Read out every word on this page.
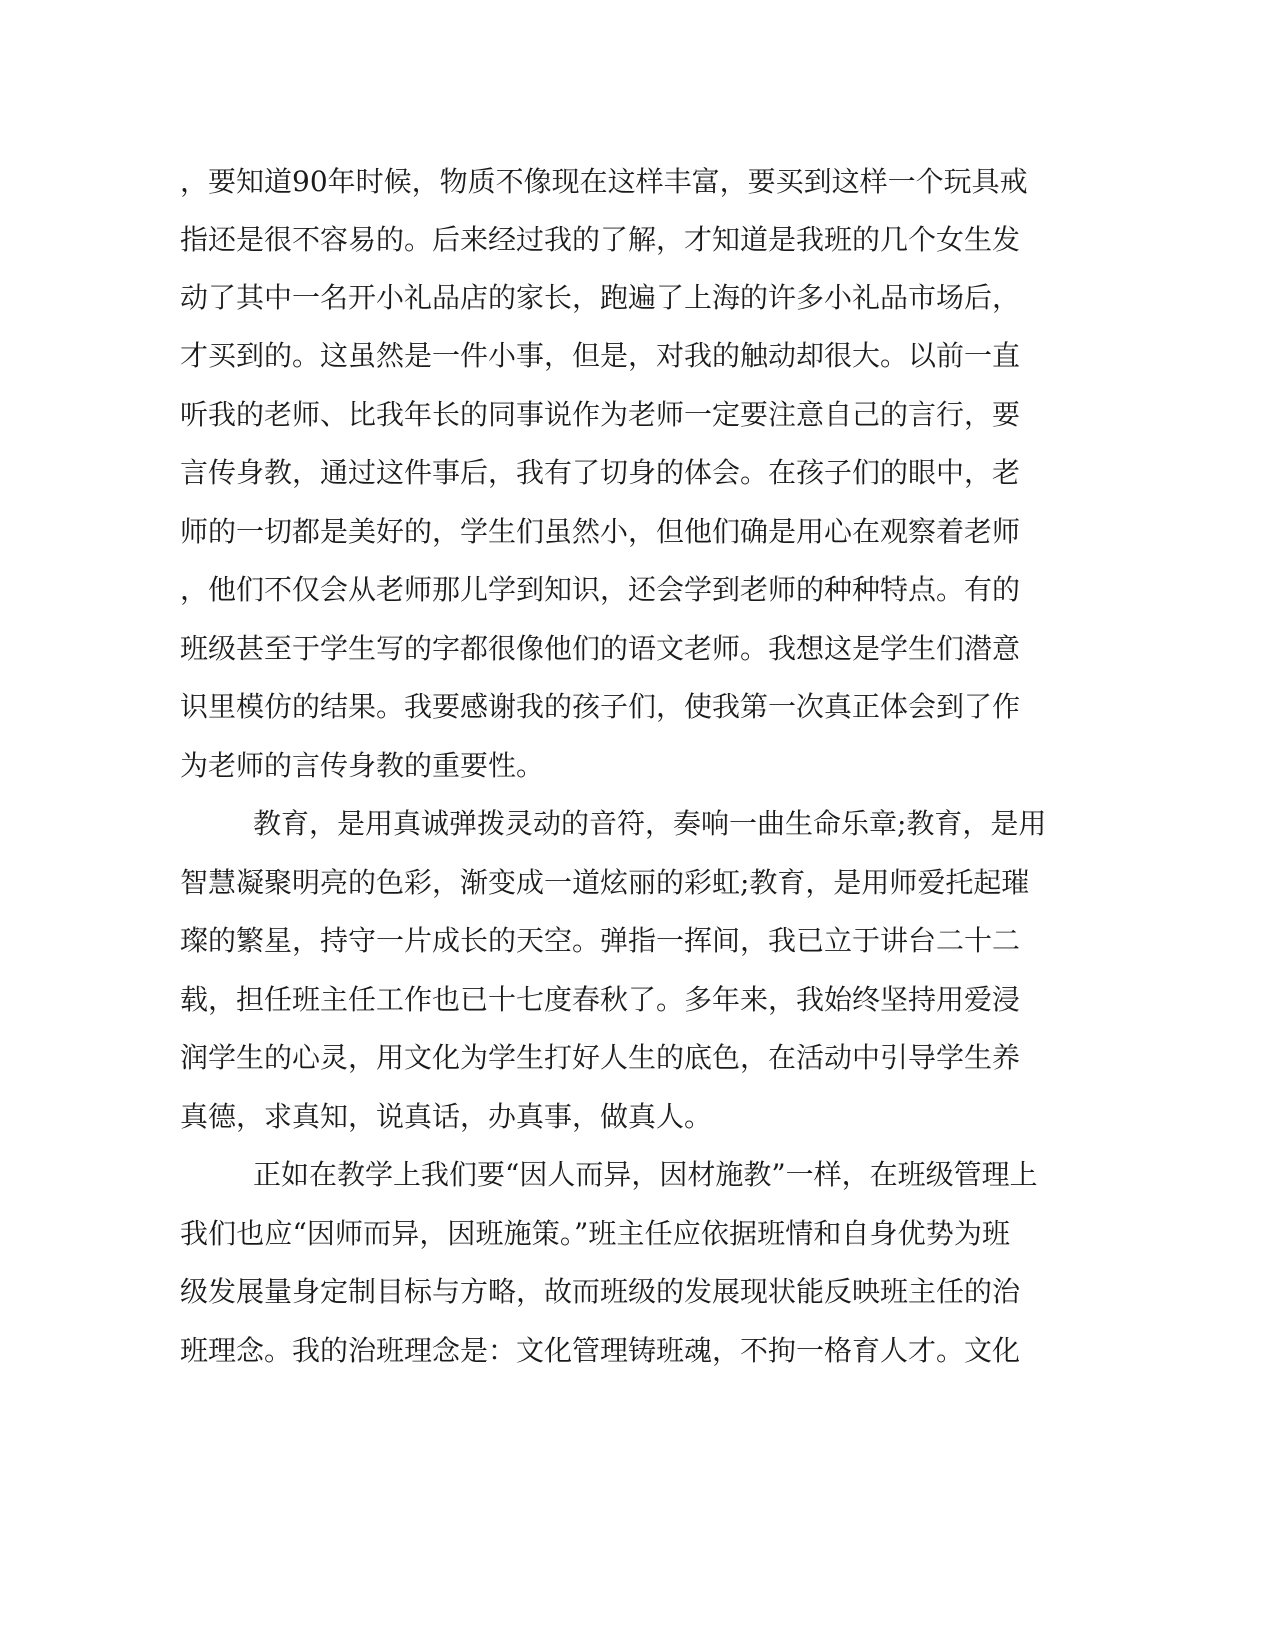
，要知道90年时候，物质不像现在这样丰富，要买到这样一个玩具戒
指还是很不容易的。后来经过我的了解，才知道是我班的几个女生发
动了其中一名开小礼品店的家长，跑遍了上海的许多小礼品市场后，
才买到的。这虽然是一件小事，但是，对我的触动却很大。以前一直
听我的老师、比我年长的同事说作为老师一定要注意自己的言行，要
言传身教，通过这件事后，我有了切身的体会。在孩子们的眼中，老
师的一切都是美好的，学生们虽然小，但他们确是用心在观察着老师
，他们不仅会从老师那儿学到知识，还会学到老师的种种特点。有的
班级甚至于学生写的字都很像他们的语文老师。我想这是学生们潜意
识里模仿的结果。我要感谢我的孩子们，使我第一次真正体会到了作
为老师的言传身教的重要性。
教育，是用真诚弹拨灵动的音符，奏响一曲生命乐章;教育，是用
智慧凝聚明亮的色彩，渐变成一道炫丽的彩虹;教育，是用师爱托起璀
璨的繁星，持守一片成长的天空。弹指一挥间，我已立于讲台二十二
载，担任班主任工作也已十七度春秋了。多年来，我始终坚持用爱浸
润学生的心灵，用文化为学生打好人生的底色，在活动中引导学生养
真德，求真知，说真话，办真事，做真人。
正如在教学上我们要“因人而异，因材施教”一样，在班级管理上
我们也应“因师而异，因班施策。”班主任应依据班情和自身优势为班
级发展量身定制目标与方略，故而班级的发展现状能反映班主任的治
班理念。我的治班理念是：文化管理铸班魂，不拘一格育人才。文化
